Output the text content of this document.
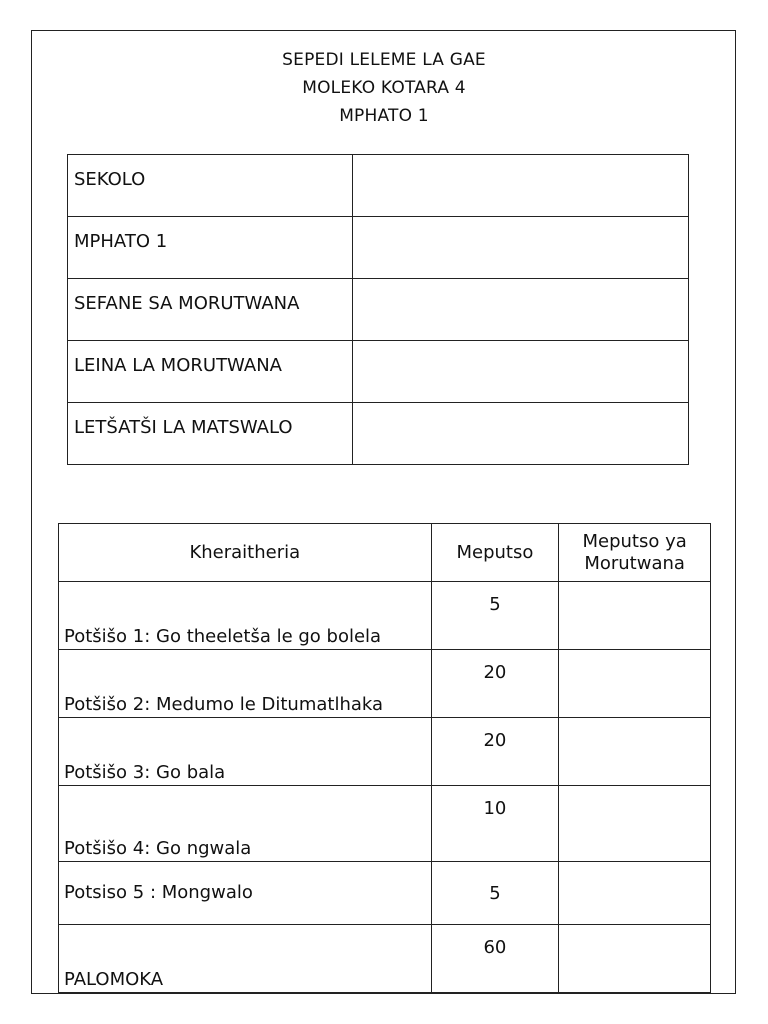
SEPEDI LELEME LA GAE
MOLEKO KOTARA 4
MPHATO 1
SEKOLO	
MPHATO 1	
SEFANE SA MORUTWANA	
LEINA LA MORUTWANA	
LETŠATŠI LA MATSWALO	
Kheraitheria	Meputso	Meputso ya Morutwana
Potšišo 1: Go theeletša le go bolela	5	
Potšišo 2: Medumo le Ditumatlhaka	20	
Potšišo 3: Go bala	20	
Potšišo 4: Go ngwala	10	
Potsiso 5 : Mongwalo	5	
PALOMOKA	60	
